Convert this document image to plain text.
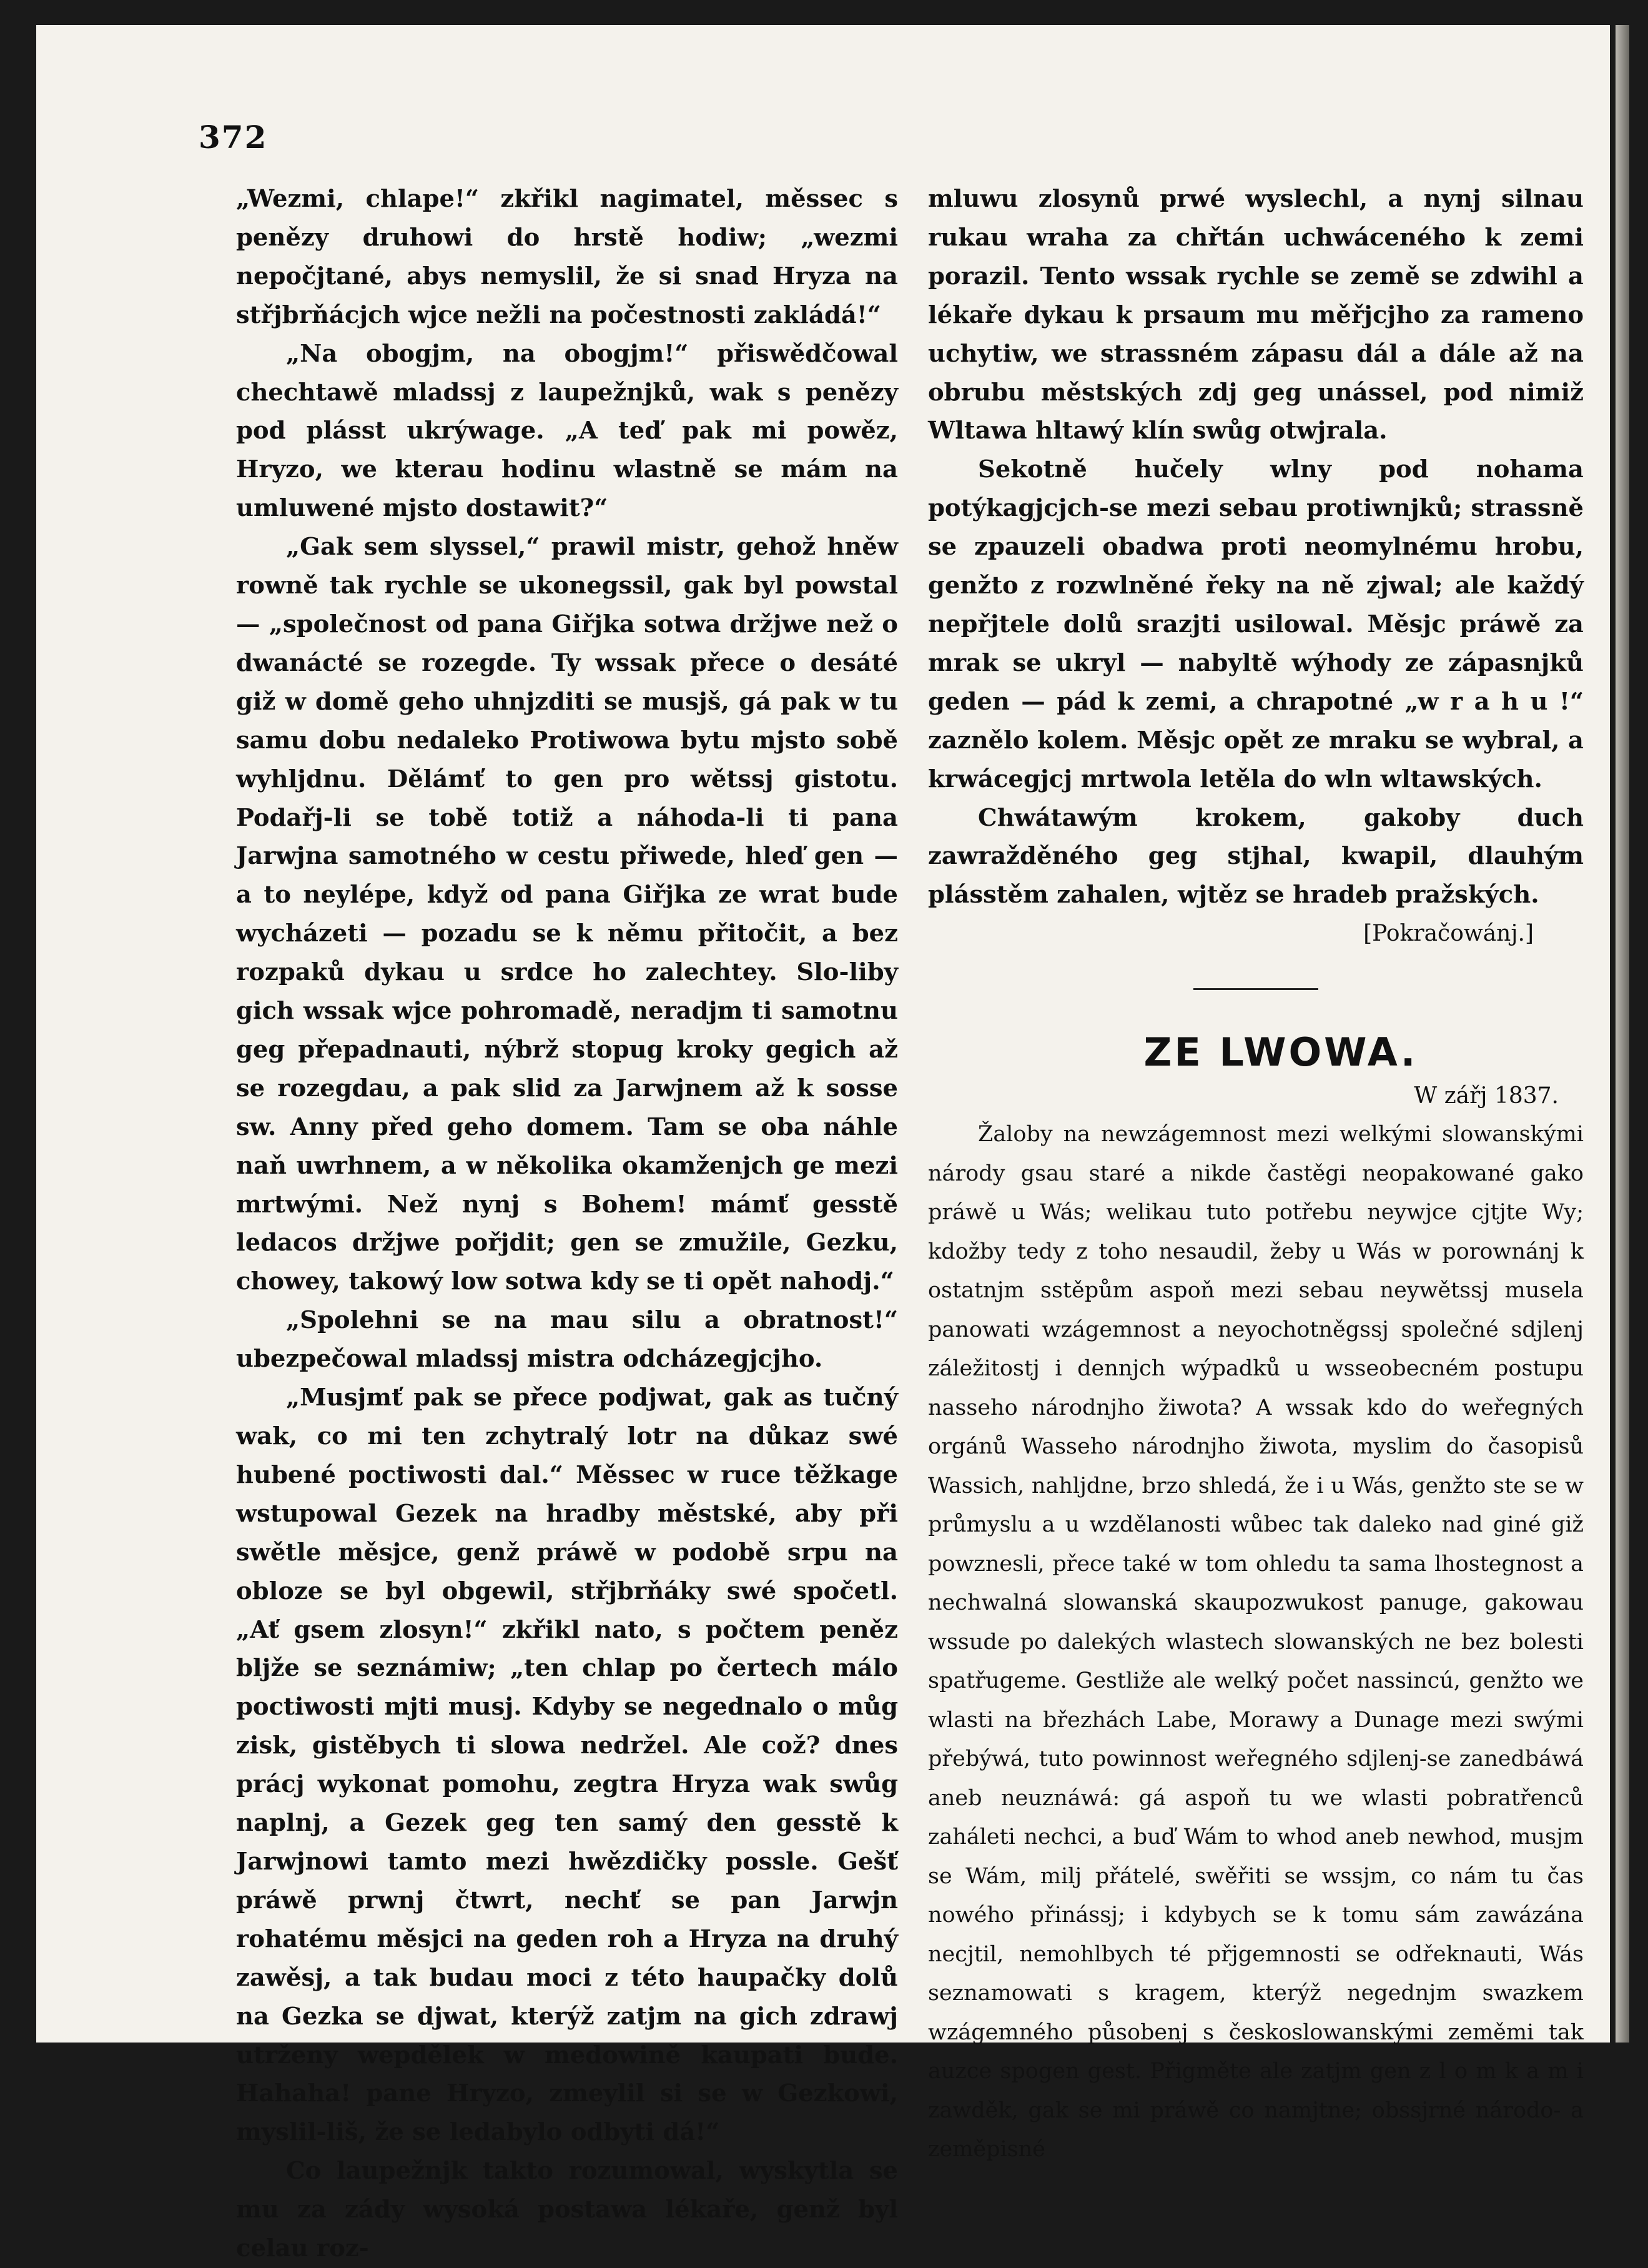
372

„Wezmi, chlape!“ zkřikl nagimatel, měssec s penězy druhowi do hrstě hodiw; „wezmi nepočjtané, abys nemyslil, že si snad Hryza na střjbrňácjch wjce nežli na počestnosti zakládá!“

„Na obogjm, na obogjm!“ přiswědčowal chechtawě mladssj z laupežnjků, wak s penězy pod plásst ukrýwage. „A teď pak mi powěz, Hryzo, we kterau hodinu wlastně se mám na umluwené mjsto dostawit?“

„Gak sem slyssel,“ prawil mistr, gehož hněw rowně tak rychle se ukonegssil, gak byl powstal — „společnost od pana Giřjka sotwa držjwe než o dwanácté se rozegde. Ty wssak přece o desáté giž w domě geho uhnjzditi se musjš, gá pak w tu samu dobu nedaleko Protiwowa bytu mjsto sobě wyhljdnu. Dělámť to gen pro wětssj gistotu. Podařj-li se tobě totiž a náhoda-li ti pana Jarwjna samotného w cestu přiwede, hleď gen — a to neylépe, když od pana Giřjka ze wrat bude wycházeti — pozadu se k němu přitočit, a bez rozpaků dykau u srdce ho zalechtey. Slo-liby gich wssak wjce pohromadě, neradjm ti samotnu geg přepadnauti, nýbrž stopug kroky gegich až se rozegdau, a pak slid za Jarwjnem až k sosse sw. Anny před geho domem. Tam se oba náhle naň uwrhnem, a w několika okamženjch ge mezi mrtwými. Než nynj s Bohem! mámť gesstě ledacos držjwe pořjdit; gen se zmužile, Gezku, chowey, takowý low sotwa kdy se ti opět nahodj.“

„Spolehni se na mau silu a obratnost!“ ubezpečowal mladssj mistra odcházegjcjho.

„Musjmť pak se přece podjwat, gak as tučný wak, co mi ten zchytralý lotr na důkaz swé hubené poctiwosti dal.“ Měssec w ruce těžkage wstupowal Gezek na hradby městské, aby při swětle měsjce, genž práwě w podobě srpu na obloze se byl obgewil, střjbrňáky swé spočetl. „Ať gsem zlosyn!“ zkřikl nato, s počtem peněz bljže se seznámiw; „ten chlap po čertech málo poctiwosti mjti musj. Kdyby se negednalo o můg zisk, gistěbych ti slowa nedržel. Ale což? dnes prácj wykonat pomohu, zegtra Hryza wak swůg naplnj, a Gezek geg ten samý den gesstě k Jarwjnowi tamto mezi hwězdičky posslе. Gešť práwě prwnj čtwrt, nechť se pan Jarwjn rohatému měsjci na geden roh a Hryza na druhý zawěsj, a tak budau moci z této haupačky dolů na Gezka se djwat, kterýž zatjm na gich zdrawj utrženy wepdělek w medowině kaupati bude. Hahaha! pane Hryzo, zmeylil si se w Gezkowi, myslil-liš, že se ledabylo odbyti dá!“

Co laupežnjk takto rozumowal, wyskytla se mu za zády wysoká postawa lékaře, genž byl celau roz-

mluwu zlosynů prwé wyslechl, a nynj silnau rukau wraha za chřtán uchwáceného k zemi porazil. Tento wssak rychle se země se zdwihl a lékaře dykau k prsaum mu měřjcjho za rameno uchytiw, we strassném zápasu dál a dále až na obrubu městských zdj geg unássel, pod nimiž Wltawa hltawý klín swůg otwjrala.

Sekotně hučely wlny pod nohama potýkagjcjch-se mezi sebau protiwnjků; strassně se zpauzeli obadwa proti neomylnému hrobu, genžto z rozwlněné řeky na ně zjwal; ale každý nepřjtele dolů srazjti usilowal. Měsjc práwě za mrak se ukryl — nabyltě wýhody ze zápasnjků geden — pád k zemi, a chrapotné „w r a h u !“ zaznělo kolem. Měsjc opět ze mraku se wybral, a krwácegjcj mrtwola letěla do wln wltawských.

Chwátawým krokem, gakoby duch zawražděného geg stjhal, kwapil, dlauhým plásstěm zahalen, wjtěz se hradeb pražských.

[Pokračowánj.]

ZE LWOWA.

W zářj 1837.

Žaloby na newzágemnost mezi welkými slowanskými národy gsau staré a nikde častěgi neopakowané gako práwě u Wás; welikau tuto potřebu neywjce cjtjte Wy; kdožby tedy z toho nesaudil, žeby u Wás w porownánj k ostatnjm sstěpům aspoň mezi sebau neywětssj musela panowati wzágemnost a neyochotněgssj společné sdjlenj záležitostj i dennjch wýpadků u wsseobecném postupu nasseho národnjho žiwota? A wssak kdo do weřegných orgánů Wasseho národnjho žiwota, myslim do časopisů Wassich, nahljdne, brzo shledá, že i u Wás, genžto ste se w průmyslu a u wzdělanosti wůbec tak daleko nad giné giž powznesli, přece také w tom ohledu ta sama lhostegnost a nechwalná slowanská skaupozwukost panuge, gakowau wssude po dalekých wlastech slowanských ne bez bolesti spatřugeme. Gestliže ale welký počet nassincú, genžto we wlasti na březhách Labe, Morawy a Dunage mezi swými přebýwá, tuto powinnost weřegného sdjlenj-se zanedbáwá aneb neuznáwá: gá aspoň tu we wlasti pobratřenců zaháleti nechci, a buď Wám to whod aneb newhod, musjm se Wám, milj přátelé, swěřiti se wssjm, co nám tu čas nowého přinássj; i kdybych se k tomu sám zawázána necjtil, nemohlbych té přjgemnosti se odřeknauti, Wás seznamowati s kragem, kterýž negednjm swazkem wzágemného působenj s českoslowanskými zeměmi tak auzce spogen gest. Přigměte ale zatjm gen z l o m k a m i zawděk, gak se mi práwě co namjtne; obssjrné národo- a zeměpisné
